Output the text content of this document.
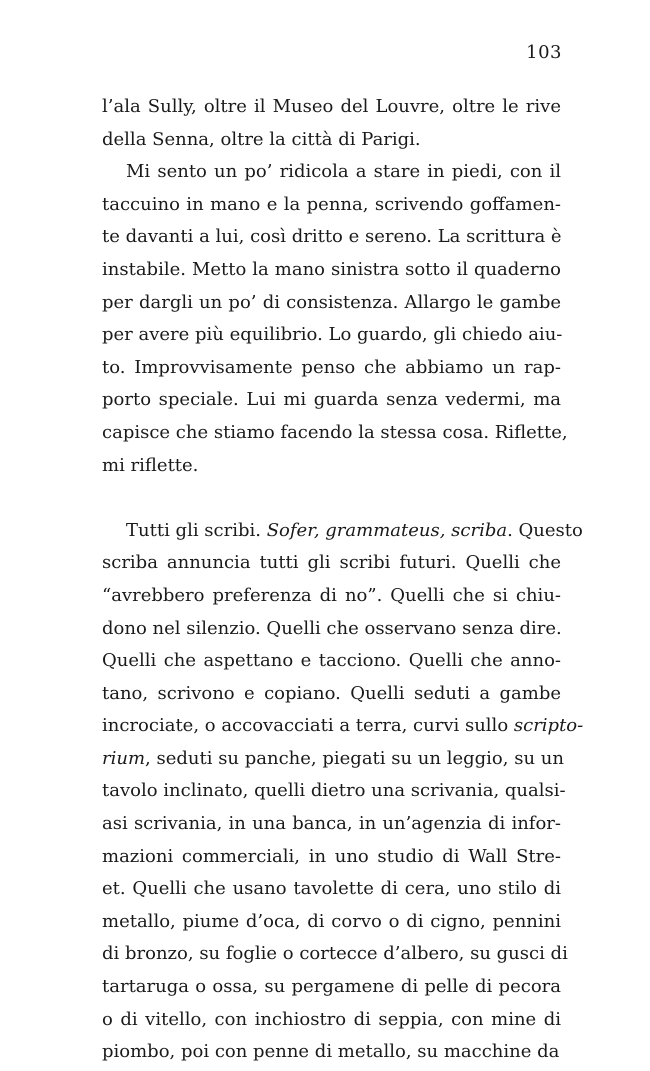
103
l’ala Sully, oltre il Museo del Louvre, oltre le rive
della Senna, oltre la città di Parigi.
Mi sento un po’ ridicola a stare in piedi, con il
taccuino in mano e la penna, scrivendo goffamen-
te davanti a lui, così dritto e sereno. La scrittura è
instabile. Metto la mano sinistra sotto il quaderno
per dargli un po’ di consistenza. Allargo le gambe
per avere più equilibrio. Lo guardo, gli chiedo aiu-
to. Improvvisamente penso che abbiamo un rap-
porto speciale. Lui mi guarda senza vedermi, ma
capisce che stiamo facendo la stessa cosa. Riflette,
mi riflette.
Tutti gli scribi. Sofer, grammateus, scriba. Questo
scriba annuncia tutti gli scribi futuri. Quelli che
“avrebbero preferenza di no”. Quelli che si chiu-
dono nel silenzio. Quelli che osservano senza dire.
Quelli che aspettano e tacciono. Quelli che anno-
tano, scrivono e copiano. Quelli seduti a gambe
incrociate, o accovacciati a terra, curvi sullo scripto-
rium, seduti su panche, piegati su un leggio, su un
tavolo inclinato, quelli dietro una scrivania, qualsi-
asi scrivania, in una banca, in un’agenzia di infor-
mazioni commerciali, in uno studio di Wall Stre-
et. Quelli che usano tavolette di cera, uno stilo di
metallo, piume d’oca, di corvo o di cigno, pennini
di bronzo, su foglie o cortecce d’albero, su gusci di
tartaruga o ossa, su pergamene di pelle di pecora
o di vitello, con inchiostro di seppia, con mine di
piombo, poi con penne di metallo, su macchine da
